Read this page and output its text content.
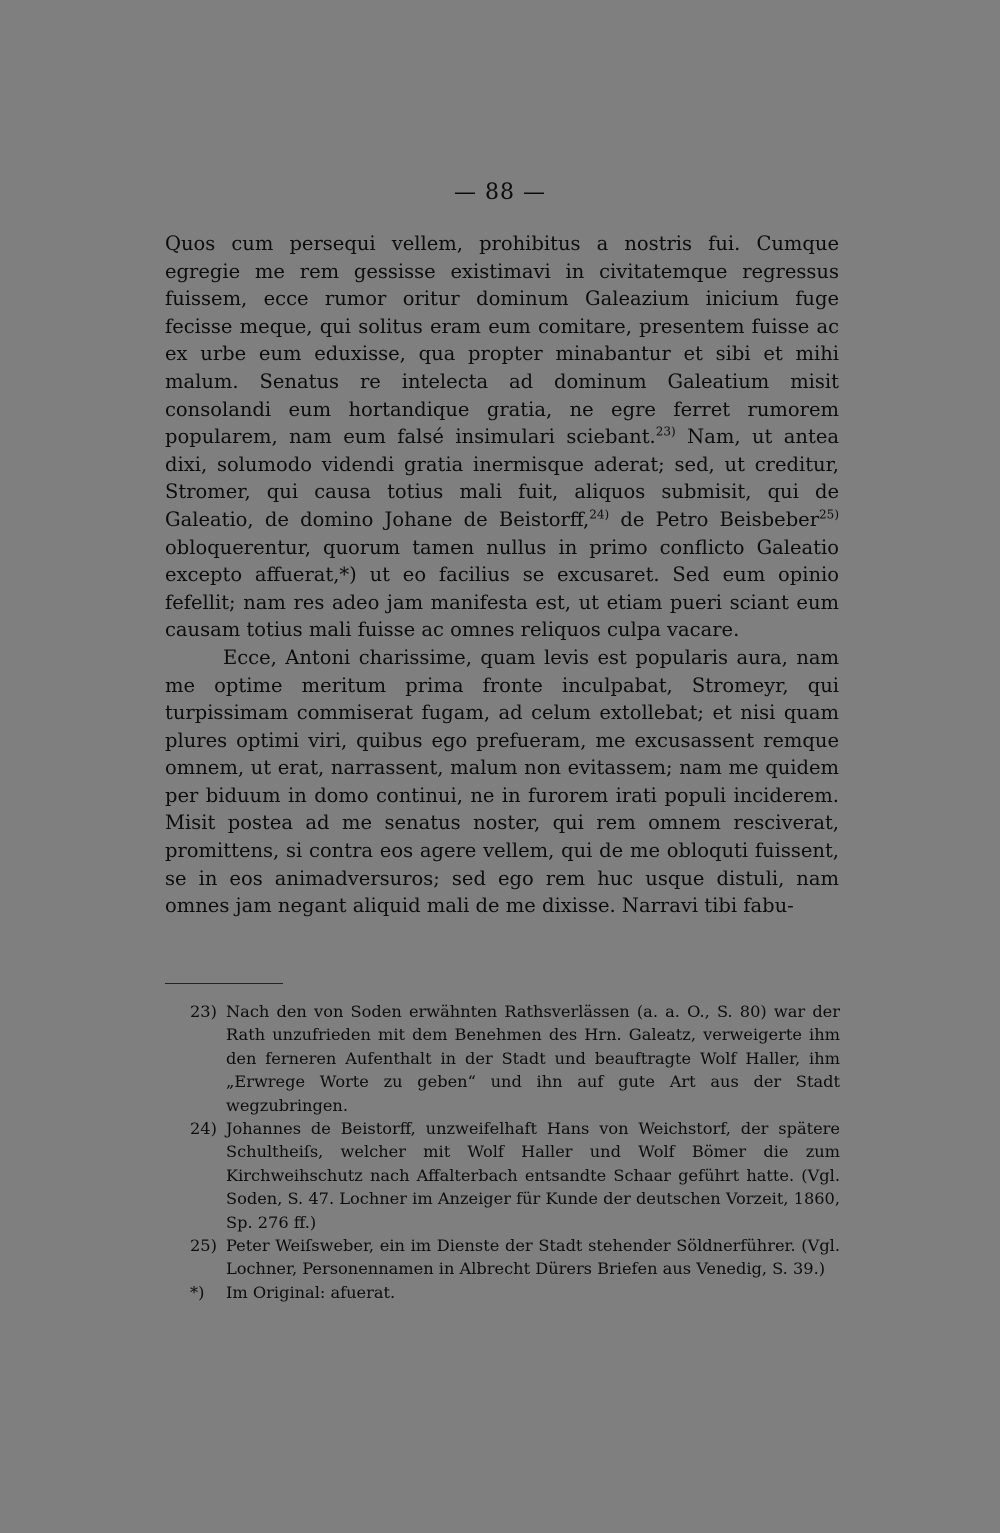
— 88 —

Quos cum persequi vellem, prohibitus a nostris fui. Cumque egregie me rem gessisse existimavi in civitatemque regressus fuissem, ecce rumor oritur dominum Galeazium inicium fuge fecisse meque, qui solitus eram eum comitare, presentem fuisse ac ex urbe eum eduxisse, qua propter minabantur et sibi et mihi malum. Senatus re intelecta ad dominum Galeatium misit consolandi eum hortandique gratia, ne egre ferret rumorem popularem, nam eum falsé insimulari sciebant.$^{23)}$ Nam, ut antea dixi, solumodo videndi gratia inermisque aderat; sed, ut creditur, Stromer, qui causa totius mali fuit, aliquos submisit, qui de Galeatio, de domino Johane de Beistorff,$^{24)}$ de Petro Beisbeber$^{25)}$ obloquerentur, quorum tamen nullus in primo conflicto Galeatio excepto affuerat,*) ut eo facilius se excusaret. Sed eum opinio fefellit; nam res adeo jam manifesta est, ut etiam pueri sciant eum causam totius mali fuisse ac omnes reliquos culpa vacare.

Ecce, Antoni charissime, quam levis est popularis aura, nam me optime meritum prima fronte inculpabat, Stromeyr, qui turpissimam commiserat fugam, ad celum extollebat; et nisi quam plures optimi viri, quibus ego prefueram, me excusassent remque omnem, ut erat, narrassent, malum non evitassem; nam me quidem per biduum in domo continui, ne in furorem irati populi inciderem. Misit postea ad me senatus noster, qui rem omnem resciverat, promittens, si contra eos agere vellem, qui de me obloquti fuissent, se in eos animadversuros; sed ego rem huc usque distuli, nam omnes jam negant aliquid mali de me dixisse. Narravi tibi fabu-

23) Nach den von Soden erwähnten Rathsverlässen (a. a. O., S. 80) war der Rath unzufrieden mit dem Benehmen des Hrn. Galeatz, verweigerte ihm den ferneren Aufenthalt in der Stadt und beauftragte Wolf Haller, ihm „Erwrege Worte zu geben“ und ihn auf gute Art aus der Stadt wegzubringen.

24) Johannes de Beistorff, unzweifelhaft Hans von Weichstorf, der spätere Schultheiſs, welcher mit Wolf Haller und Wolf Bömer die zum Kirchweihschutz nach Affalterbach entsandte Schaar geführt hatte. (Vgl. Soden, S. 47. Lochner im Anzeiger für Kunde der deutschen Vorzeit, 1860, Sp. 276 ff.)

25) Peter Weiſsweber, ein im Dienste der Stadt stehender Söldnerführer. (Vgl. Lochner, Personennamen in Albrecht Dürers Briefen aus Venedig, S. 39.)

*)	Im Original: afuerat.
